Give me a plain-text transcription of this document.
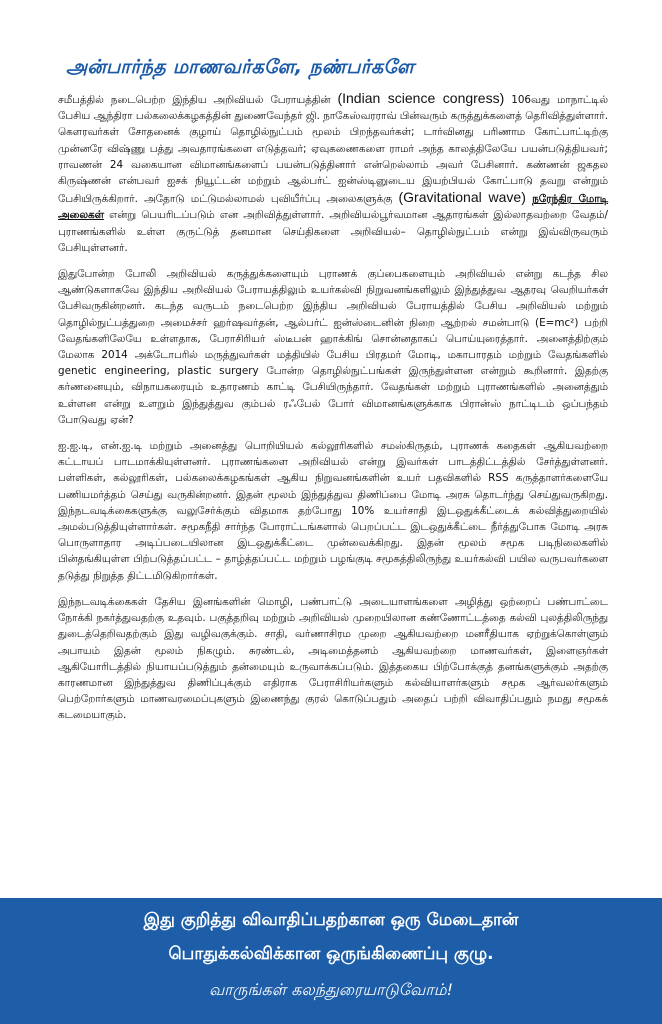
அன்பார்ந்த மாணவர்களே, நண்பர்களே

சமீபத்தில் நடைபெற்ற இந்திய அறிவியல் பேராயத்தின் (Indian science congress) 106வது மாநாட்டில் பேசிய ஆந்திரா பல்கலைக்கழகத்தின் துணைவேந்தர் ஜி. நாகேஸ்வரராவ் பின்வரும் கருத்துக்களைத் தெரிவித்துள்ளார். கௌரவர்கள் சோதனைக் குழாய் தொழில்நுட்பம் மூலம் பிறந்தவர்கள்; டார்வினது பரிணாம கோட்பாட்டிற்கு முன்னரே விஷ்ணு பத்து அவதாரங்களை எடுத்தவர்; ஏவுகணைகளை ராமர் அந்த காலத்திலேயே பயன்படுத்தியவர்; ராவணன் 24 வகையான விமானங்களைப் பயன்படுத்தினார் என்றெல்லாம் அவர் பேசினார். கண்ணன் ஜகதல கிருஷ்ணன் என்பவர் ஐசக் நியூட்டன் மற்றும் ஆல்பர்ட் ஐன்ஸ்டினுடைய இயற்பியல் கோட்பாடு தவறு என்றும் பேசியிருக்கிறார். அதோடு மட்டுமல்லாமல் புவியீர்ப்பு அலைகளுக்கு (Gravitational wave) நரேந்திர மோடி அலைகள் என்று பெயரிடப்படும் என அறிவித்துள்ளார். அறிவியல்பூர்வமான ஆதாரங்கள் இல்லாதவற்றை வேதம்/புராணங்களில் உள்ள குருட்டுத் தனமான செய்திகளை அறிவியல்– தொழில்நுட்பம் என்று இவ்விருவரும் பேசியுள்ளனர்.

இதுபோன்ற போலி அறிவியல் கருத்துக்களையும் புராணக் குப்பைகளையும் அறிவியல் என்று கடந்த சில ஆண்டுகளாகவே இந்திய அறிவியல் பேராயத்திலும் உயர்கல்வி நிறுவனங்களிலும் இந்துத்துவ ஆதரவு வெறியர்கள் பேசிவருகின்றனர். கடந்த வருடம் நடைபெற்ற இந்திய அறிவியல் பேராயத்தில் பேசிய அறிவியல் மற்றும் தொழில்நுட்பத்துறை அமைச்சர் ஹர்ஷவர்தன், ஆல்பர்ட் ஐன்ஸ்டைனின் நிறை ஆற்றல் சமன்பாடு (E=mc²) பற்றி வேதங்களிலேயே உள்ளதாக, பேராசிரியர் ஸ்டீபன் ஹாக்கிங் சொன்னதாகப் பொய்யுரைத்தார். அனைத்திற்கும் மேலாக 2014 அக்டோபரில் மருத்துவர்கள் மத்தியில் பேசிய பிரதமர் மோடி, மகாபாரதம் மற்றும் வேதங்களில் genetic engineering, plastic surgery போன்ற தொழில்நுட்பங்கள் இருந்துள்ளன என்றும் கூறினார். இதற்கு கர்ணனையும், விநாயகரையும் உதாரணம் காட்டி பேசியிருந்தார். வேதங்கள் மற்றும் புராணங்களில் அனைத்தும் உள்ளன என்று உளறும் இந்துத்துவ கும்பல் ரஃபேல் போர் விமானங்களுக்காக பிரான்ஸ் நாட்டிடம் ஒப்பந்தம் போடுவது ஏன்?

ஐ.ஐ.டி, என்.ஐ.டி மற்றும் அனைத்து பொறியியல் கல்லூரிகளில் சமஸ்கிருதம், புராணக் கதைகள் ஆகியவற்றை கட்டாயப் பாடமாக்கியுள்ளனர். புராணங்களை அறிவியல் என்று இவர்கள் பாடத்திட்டத்தில் சேர்த்துள்ளனர். பள்ளிகள், கல்லூரிகள், பல்கலைக்கழகங்கள் ஆகிய நிறுவனங்களின் உயர் பதவிகளில் RSS கருத்தாளர்களையே பணியமர்த்தம் செய்து வருகின்றனர். இதன் மூலம் இந்துத்துவ திணிப்பை மோடி அரசு தொடர்ந்து செய்துவருகிறது. இந்நடவடிக்கைகளுக்கு வலுசேர்க்கும் விதமாக தற்போது 10% உயர்சாதி இடஒதுக்கீட்டைக் கல்வித்துறையில் அமல்படுத்தியுள்ளார்கள். சமூகநீதி சார்ந்த போராட்டங்களால் பெறப்பட்ட இடஒதுக்கீட்டை நீர்த்துபோக மோடி அரசு பொருளாதார அடிப்படையிலான இடஒதுக்கீட்டை முன்வைக்கிறது. இதன் மூலம் சமூக படிநிலைகளில் பின்தங்கியுள்ள பிற்படுத்தப்பட்ட – தாழ்த்தப்பட்ட மற்றும் பழங்குடி சமூகத்திலிருந்து உயர்கல்வி பயில வருபவர்களை தடுத்து நிறுத்த திட்டமிடுகிறார்கள்.

இந்நடவடிக்கைகள் தேசிய இனங்களின் மொழி, பண்பாட்டு அடையாளங்களை அழித்து ஒற்றைப் பண்பாட்டை நோக்கி நகர்த்துவதற்கு உதவும். பகுத்தறிவு மற்றும் அறிவியல் முறையிலான கண்ணோட்டத்தை கல்வி புலத்திலிருந்து துடைத்தெறிவதற்கும் இது வழிவகுக்கும். சாதி, வர்ணாசிரம முறை ஆகியவற்றை மனரீதியாக ஏற்றுக்கொள்ளும் அபாயம் இதன் மூலம் நிகழும். சுரண்டல், அடிமைத்தனம் ஆகியவற்றை மாணவர்கள், இளைஞர்கள் ஆகியோரிடத்தில் நியாயப்படுத்தும் தன்மையும் உருவாக்கப்படும். இத்தகைய பிற்போக்குத் தனங்களுக்கும் அதற்கு காரணமான இந்துத்துவ திணிப்புக்கும் எதிராக பேராசிரியர்களும் கல்வியாளர்களும் சமூக ஆர்வலர்களும் பெற்றோர்களும் மாணவரமைப்புகளும் இணைந்து குரல் கொடுப்பதும் அதைப் பற்றி விவாதிப்பதும் நமது சமூகக் கடமையாகும்.

இது குறித்து விவாதிப்பதற்கான ஒரு மேடைதான்
பொதுக்கல்விக்கான ஒருங்கிணைப்பு குழு.
வாருங்கள் கலந்துரையாடுவோம்!
